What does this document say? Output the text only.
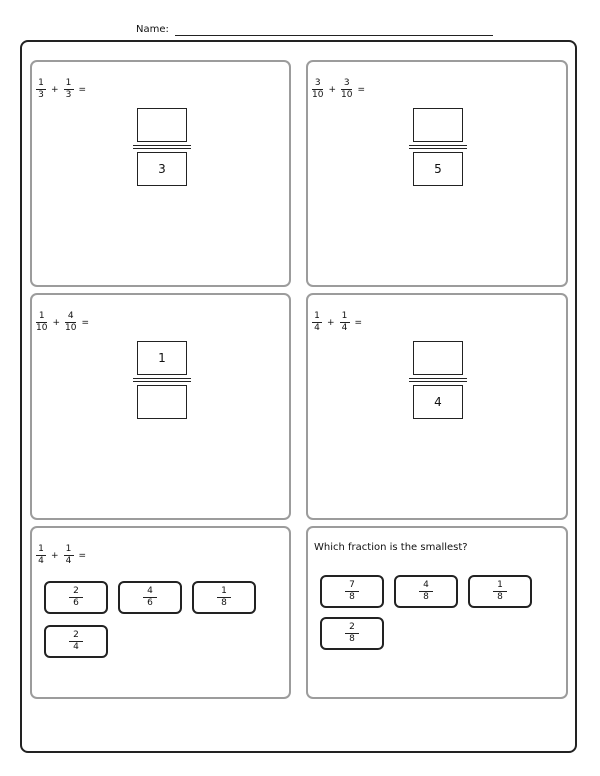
Name:
$\frac{1}{3} + \frac{1}{3}$ =
3
$\frac{3}{10} + \frac{3}{10}$ =
5
$\frac{1}{10} + \frac{4}{10}$ =
1
$\frac{1}{4} + \frac{1}{4}$ =
4
$\frac{1}{4} + \frac{1}{4}$ =
$\frac{2}{6}$	$\frac{4}{6}$	$\frac{1}{8}$
$\frac{2}{4}$
Which fraction is the smallest?
$\frac{7}{8}$	$\frac{4}{8}$	$\frac{1}{8}$
$\frac{2}{8}$
